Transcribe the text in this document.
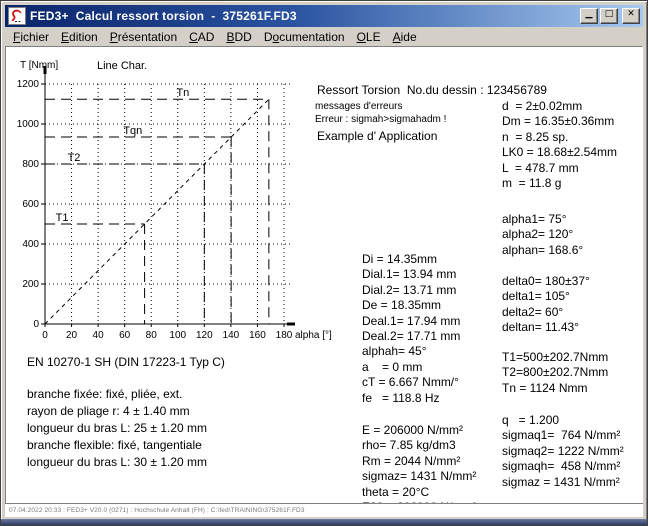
FED3+  Calcul ressort torsion  -  375261F.FD3	▁	□	✕
Fichier	Edition	Présentation	CAD	BDD	Documentation	OLE	Aide
0 20 40 60 80 100 120 140 160 180
0
200
400
600
800
1000
1200
T [Nmm]
alpha [°]
Line Char.
Tn
Tqn
T2
T1

Ressort Torsion  No.du dessin : 123456789

Example d' Application

messages d'erreurs
Erreur : sigmah>sigmahadm !
d  = 2±0.02mm
Dm = 16.35±0.36mm
n  = 8.25 sp.
LK0 = 18.68±2.54mm
L  = 478.7 mm
m  = 11.8 g
alpha1= 75°
alpha2= 120°
alphan= 168.6°
delta0= 180±37°
delta1= 105°
delta2= 60°
deltan= 11.43°
T1=500±202.7Nmm
T2=800±202.7Nmm
Tn = 1124 Nmm
q   = 1.200
sigmaq1=  764 N/mm²
sigmaq2= 1222 N/mm²
sigmaqh=  458 N/mm²
sigmaz = 1431 N/mm²
Di = 14.35mm
Dial.1= 13.94 mm
Dial.2= 13.71 mm
De = 18.35mm
Deal.1= 17.94 mm
Deal.2= 17.71 mm
alphah= 45°
a    = 0 mm
cT = 6.667 Nmm/°
fe   = 118.8 Hz
E = 206000 N/mm²
rho= 7.85 kg/dm3
Rm = 2044 N/mm²
sigmaz= 1431 N/mm²
theta = 20°C
EN 10270-1 SH (DIN 17223-1 Typ C)
branche fixée: fixé, pliée, ext.
rayon de pliage r: 4 ± 1.40 mm
longueur du bras L: 25 ± 1.20 mm
branche flexible: fixé, tangentiale
longueur du bras L: 30 ± 1.20 mm
07.04.2022 20:33 : FED3+ V20.0 (0271) : Hochschule Anhalt (FH) : C:\fed\TRAINING\375261F.FD3
